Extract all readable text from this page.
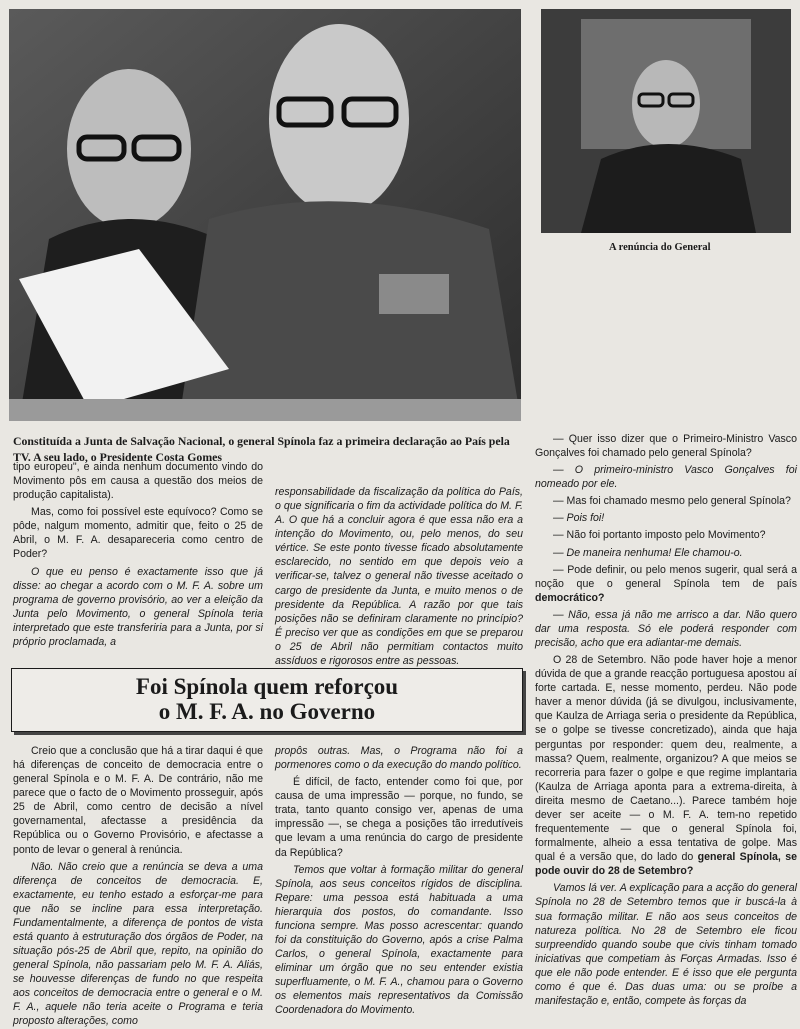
A renúncia do General
Constituída a Junta de Salvação Nacional, o general Spínola faz a primeira declaração ao País pela TV. A seu lado, o Presidente Costa Gomes

tipo europeu", e ainda nenhum documento vindo do Movimento pôs em causa a questão dos meios de produção capitalista).

Mas, como foi possível este equívoco? Como se pôde, nalgum momento, admitir que, feito o 25 de Abril, o M. F. A. desapareceria como centro de Poder?

O que eu penso é exactamente isso que já disse: ao chegar a acordo com o M. F. A. sobre um programa de governo provisório, ao ver a eleição da Junta pelo Movimento, o general Spínola teria interpretado que este transferiria para a Junta, por si próprio proclamada, a

responsabilidade da fiscalização da política do País, o que significaria o fim da actividade política do M. F. A. O que há a concluir agora é que essa não era a intenção do Movimento, ou, pelo menos, do seu vértice. Se este ponto tivesse ficado absolutamente esclarecido, no sentido em que depois veio a verificar-se, talvez o general não tivesse aceitado o cargo de presidente da Junta, e muito menos o de presidente da República. A razão por que tais posições não se definiram claramente no princípio? É preciso ver que as condições em que se preparou o 25 de Abril não permitiam contactos muito assíduos e rigorosos entre as pessoas.

Foi Spínola quem reforçou
o M. F. A. no Governo

— Quer isso dizer que o Primeiro-Ministro Vasco Gonçalves foi chamado pelo general Spínola?

— O primeiro-ministro Vasco Gonçalves foi nomeado por ele.

— Mas foi chamado mesmo pelo general Spínola?

— Pois foi!

— Não foi portanto imposto pelo Movimento?

— De maneira nenhuma! Ele chamou-o.

— Pode definir, ou pelo menos sugerir, qual será a noção que o general Spínola tem de país democrático?

— Não, essa já não me arrisco a dar. Não quero dar uma resposta. Só ele poderá responder com precisão, acho que era adiantar-me demais.

O 28 de Setembro. Não pode haver hoje a menor dúvida de que a grande reacção portuguesa apostou aí forte cartada. E, nesse momento, perdeu. Não pode haver a menor dúvida (já se divulgou, inclusivamente, que Kaulza de Arriaga seria o presidente da República, se o golpe se tivesse concretizado), ainda que haja perguntas por responder: quem deu, realmente, a massa? Quem, realmente, organizou? A que meios se recorreria para fazer o golpe e que regime implantaria (Kaulza de Arriaga aponta para a extrema-direita, à direita mesmo de Caetano...). Parece também hoje dever ser aceite — o M. F. A. tem-no repetido frequentemente — que o general Spínola foi, formalmente, alheio a essa tentativa de golpe. Mas qual é a versão que, do lado do general Spínola, se pode ouvir do 28 de Setembro?

Vamos lá ver. A explicação para a acção do general Spínola no 28 de Setembro temos que ir buscá-la à sua formação militar. E não aos seus conceitos de natureza política. No 28 de Setembro ele ficou surpreendido quando soube que civis tinham tomado iniciativas que competiam às Forças Armadas. Isso é que ele não pode entender. E é isso que ele pergunta como é que é. Das duas uma: ou se proíbe a manifestação e, então, compete às forças da

Creio que a conclusão que há a tirar daqui é que há diferenças de conceito de democracia entre o general Spínola e o M. F. A. De contrário, não me parece que o facto de o Movimento prosseguir, após 25 de Abril, como centro de decisão a nível governamental, afectasse a presidência da República ou o Governo Provisório, e afectasse a ponto de levar o general à renúncia.

Não. Não creio que a renúncia se deva a uma diferença de conceitos de democracia. E, exactamente, eu tenho estado a esforçar-me para que não se incline para essa interpretação. Fundamentalmente, a diferença de pontos de vista está quanto à estruturação dos órgãos de Poder, na situação pós-25 de Abril que, repito, na opinião do general Spínola, não passariam pelo M. F. A. Aliás, se houvesse diferenças de fundo no que respeita aos conceitos de democracia entre o general e o M. F. A., aquele não teria aceite o Programa e teria proposto alterações, como

propôs outras. Mas, o Programa não foi a pormenores como o da execução do mando político.

É difícil, de facto, entender como foi que, por causa de uma impressão — porque, no fundo, se trata, tanto quanto consigo ver, apenas de uma impressão —, se chega a posições tão irredutíveis que levam a uma renúncia do cargo de presidente da República?

Temos que voltar à formação militar do general Spínola, aos seus conceitos rígidos de disciplina. Repare: uma pessoa está habituada a uma hierarquia dos postos, do comandante. Isso funciona sempre. Mas posso acrescentar: quando foi da constituição do Governo, após a crise Palma Carlos, o general Spínola, exactamente para eliminar um órgão que no seu entender existia superfluamente, o M. F. A., chamou para o Governo os elementos mais representativos da Comissão Coordenadora do Movimento.
